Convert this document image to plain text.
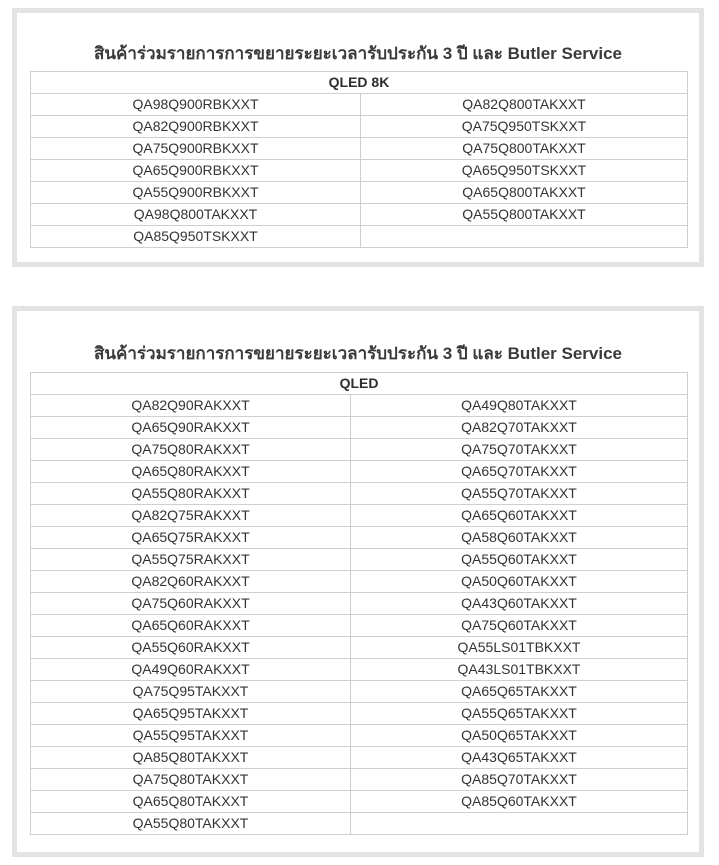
สินค้าร่วมรายการการขยายระยะเวลารับประกัน 3 ปี และ Butler Service
QLED 8K	
QA98Q900RBKXXT	QA82Q800TAKXXT
QA82Q900RBKXXT	QA75Q950TSKXXT
QA75Q900RBKXXT	QA75Q800TAKXXT
QA65Q900RBKXXT	QA65Q950TSKXXT
QA55Q900RBKXXT	QA65Q800TAKXXT
QA98Q800TAKXXT	QA55Q800TAKXXT
QA85Q950TSKXXT	
สินค้าร่วมรายการการขยายระยะเวลารับประกัน 3 ปี และ Butler Service
QLED	
QA82Q90RAKXXT	QA49Q80TAKXXT
QA65Q90RAKXXT	QA82Q70TAKXXT
QA75Q80RAKXXT	QA75Q70TAKXXT
QA65Q80RAKXXT	QA65Q70TAKXXT
QA55Q80RAKXXT	QA55Q70TAKXXT
QA82Q75RAKXXT	QA65Q60TAKXXT
QA65Q75RAKXXT	QA58Q60TAKXXT
QA55Q75RAKXXT	QA55Q60TAKXXT
QA82Q60RAKXXT	QA50Q60TAKXXT
QA75Q60RAKXXT	QA43Q60TAKXXT
QA65Q60RAKXXT	QA75Q60TAKXXT
QA55Q60RAKXXT	QA55LS01TBKXXT
QA49Q60RAKXXT	QA43LS01TBKXXT
QA75Q95TAKXXT	QA65Q65TAKXXT
QA65Q95TAKXXT	QA55Q65TAKXXT
QA55Q95TAKXXT	QA50Q65TAKXXT
QA85Q80TAKXXT	QA43Q65TAKXXT
QA75Q80TAKXXT	QA85Q70TAKXXT
QA65Q80TAKXXT	QA85Q60TAKXXT
QA55Q80TAKXXT	
